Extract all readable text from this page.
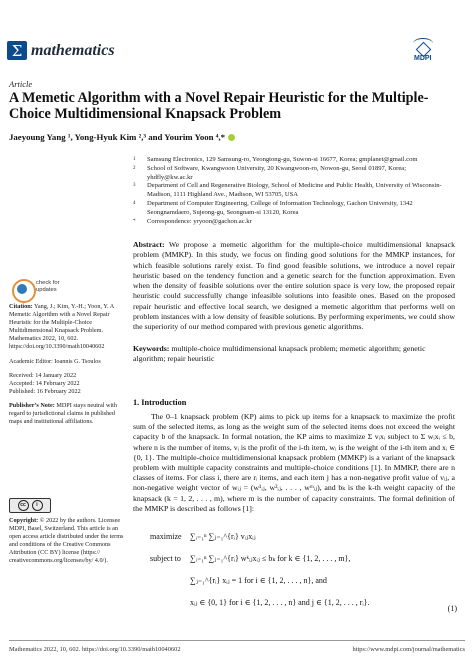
Σ mathematics	MDPI
Article
A Memetic Algorithm with a Novel Repair Heuristic for the Multiple-Choice Multidimensional Knapsack Problem
Jaeyoung Yang ¹, Yong-Hyuk Kim ²,³ and Yourim Yoon ⁴,*
1 Samsung Electronics, 129 Samsung-ro, Yeongtong-gu, Suwon-si 16677, Korea; gmplanet@gmail.com
2 School of Software, Kwangwoon University, 20 Kwangwoon-ro, Nowon-gu, Seoul 01897, Korea; yhdfly@kw.ac.kr
3 Department of Cell and Regenerative Biology, School of Medicine and Public Health, University of Wisconsin-Madison, 1111 Highland Ave., Madison, WI 53705, USA
4 Department of Computer Engineering, College of Information Technology, Gachon University, 1342 Seongnamdaero, Sujeong-gu, Seongnam-si 13120, Korea
* Correspondence: yryoon@gachon.ac.kr
Abstract: We propose a memetic algorithm for the multiple-choice multidimensional knapsack problem (MMKP). In this study, we focus on finding good solutions for the MMKP instances, for which feasible solutions rarely exist. To find good feasible solutions, we introduce a novel repair heuristic based on the tendency function and a genetic search for the function approximation. Even when the density of feasible solutions over the entire solution space is very low, the proposed repair heuristic could successfully change infeasible solutions into feasible ones. Based on the proposed repair heuristic and effective local search, we designed a memetic algorithm that performs well on problem instances with a low density of feasible solutions. By performing experiments, we could show the superiority of our method compared with previous genetic algorithms.
Keywords: multiple-choice multidimensional knapsack problem; memetic algorithm; genetic algorithm; repair heuristic
check for updates

Citation: Yang, J.; Kim, Y.-H.; Yoon, Y. A Memetic Algorithm with a Novel Repair Heuristic for the Multiple-Choice Multidimensional Knapsack Problem. Mathematics 2022, 10, 602. https://doi.org/10.3390/math10040602

Academic Editor: Ioannis G. Tsoulos

Received: 14 January 2022

Accepted: 14 February 2022

Published: 16 February 2022

Publisher’s Note: MDPI stays neutral with regard to jurisdictional claims in published maps and institutional affiliations.

cc	i
Copyright: © 2022 by the authors. Licensee MDPI, Basel, Switzerland. This article is an open access article distributed under the terms and conditions of the Creative Commons Attribution (CC BY) license (https:// creativecommons.org/licenses/by/ 4.0/).
1. Introduction
The 0–1 knapsack problem (KP) aims to pick up items for a knapsack to maximize the profit sum of the selected items, as long as the weight sum of the selected items does not exceed the weight capacity b of the knapsack. In formal notation, the KP aims to maximize Σ vᵢxᵢ subject to Σ wᵢxᵢ ≤ b, where n is the number of items, vᵢ is the profit of the i-th item, wᵢ is the weight of the i-th item and xᵢ ∈ {0, 1}. The multiple-choice multidimensional knapsack problem (MMKP) is a variant of the knapsack problem with multiple capacity constraints and multiple-choice conditions [1]. In MMKP, there are n classes of items. For class i, there are rᵢ items, and each item j has a non-negative profit value of vᵢⱼ, a non-negative weight vector of wᵢⱼ = (w¹ᵢⱼ, w²ᵢⱼ, . . . , wᵐᵢⱼ), and bₖ is the k-th weight capacity of the knapsack (k = 1, 2, . . . , m), where m is the number of capacity constraints. The formal definition of the MMKP is described as follows [1]:
maximize	∑ᵢ₌₁ⁿ ∑ⱼ₌₁^{rᵢ} vᵢⱼxᵢⱼ
subject to	∑ᵢ₌₁ⁿ ∑ⱼ₌₁^{rᵢ} wᵏᵢⱼxᵢⱼ ≤ bₖ for k ∈ {1, 2, . . . , m},
∑ⱼ₌₁^{rᵢ} xᵢⱼ = 1 for i ∈ {1, 2, . . . , n}, and
xᵢⱼ ∈ {0, 1} for i ∈ {1, 2, . . . , n} and j ∈ {1, 2, . . . , rᵢ}.
(1)
Mathematics 2022, 10, 602. https://doi.org/10.3390/math10040602	https://www.mdpi.com/journal/mathematics
